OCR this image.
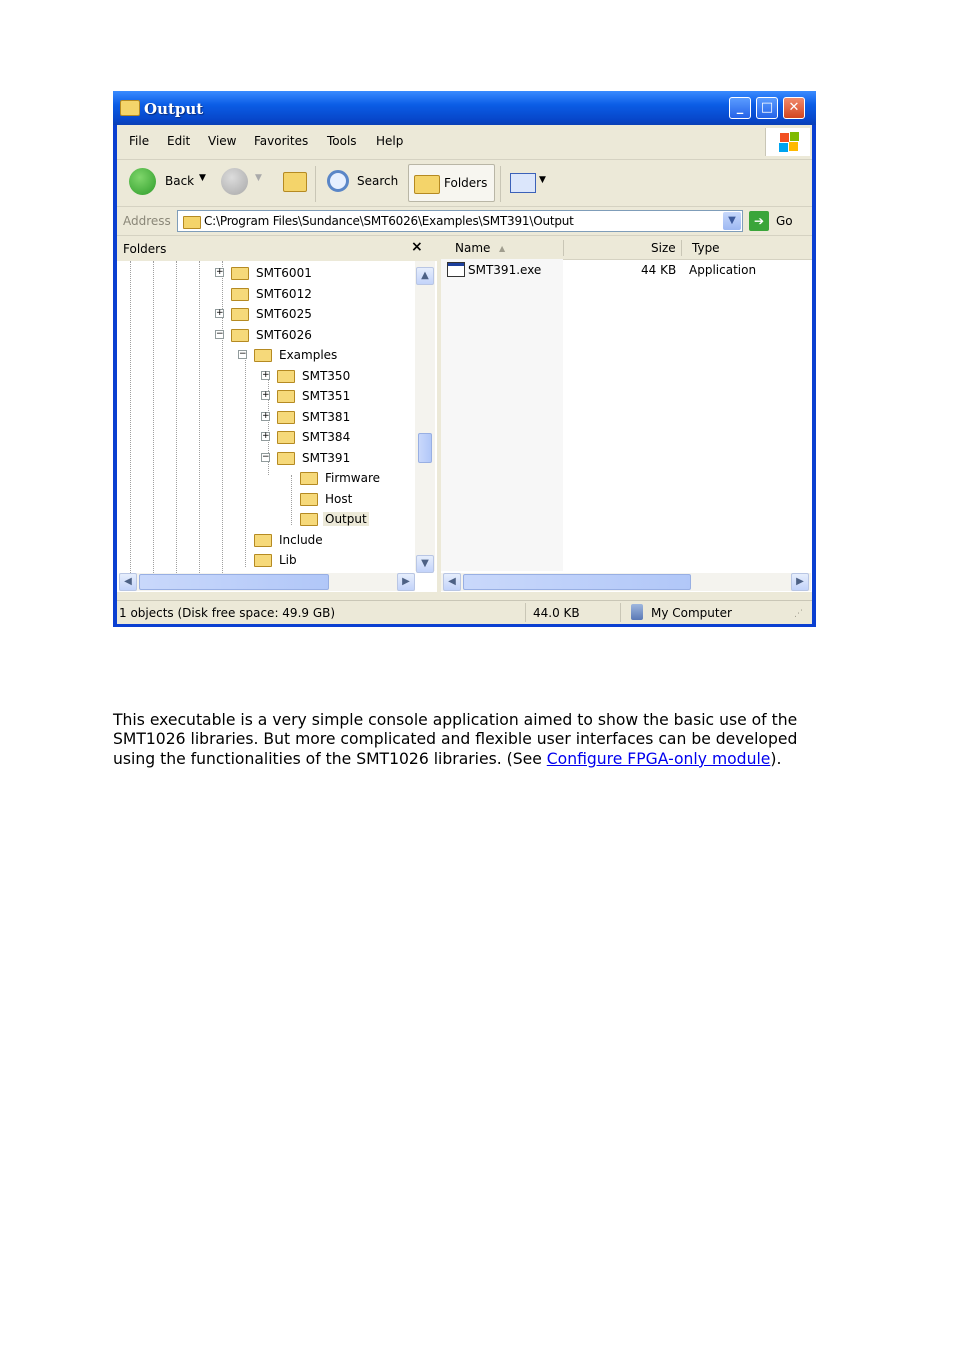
Output	_	□	✕
File Edit View Favorites Tools Help
Back ▼	▼	Search	Folders	▼
Address	C:\Program Files\Sundance\SMT6026\Examples\SMT391\Output	▼	➔ Go
Folders	×
+	SMT6001
SMT6012
+	SMT6025
−	SMT6026
−	Examples
+	SMT350
+	SMT351
+	SMT381
+	SMT384
−	SMT391
Firmware
Host
Output
Include
Lib
▲
▼
◀	▶
Name ▲	Size Type
SMT391.exe	44 KB Application
◀	▶
1 objects (Disk free space: 49.9 GB)	44.0 KB	My Computer	⋰

This executable is a very simple console application aimed to show the basic use of the SMT1026 libraries. But more complicated and flexible user interfaces can be developed using the functionalities of the SMT1026 libraries. (See Configure FPGA-only module).
